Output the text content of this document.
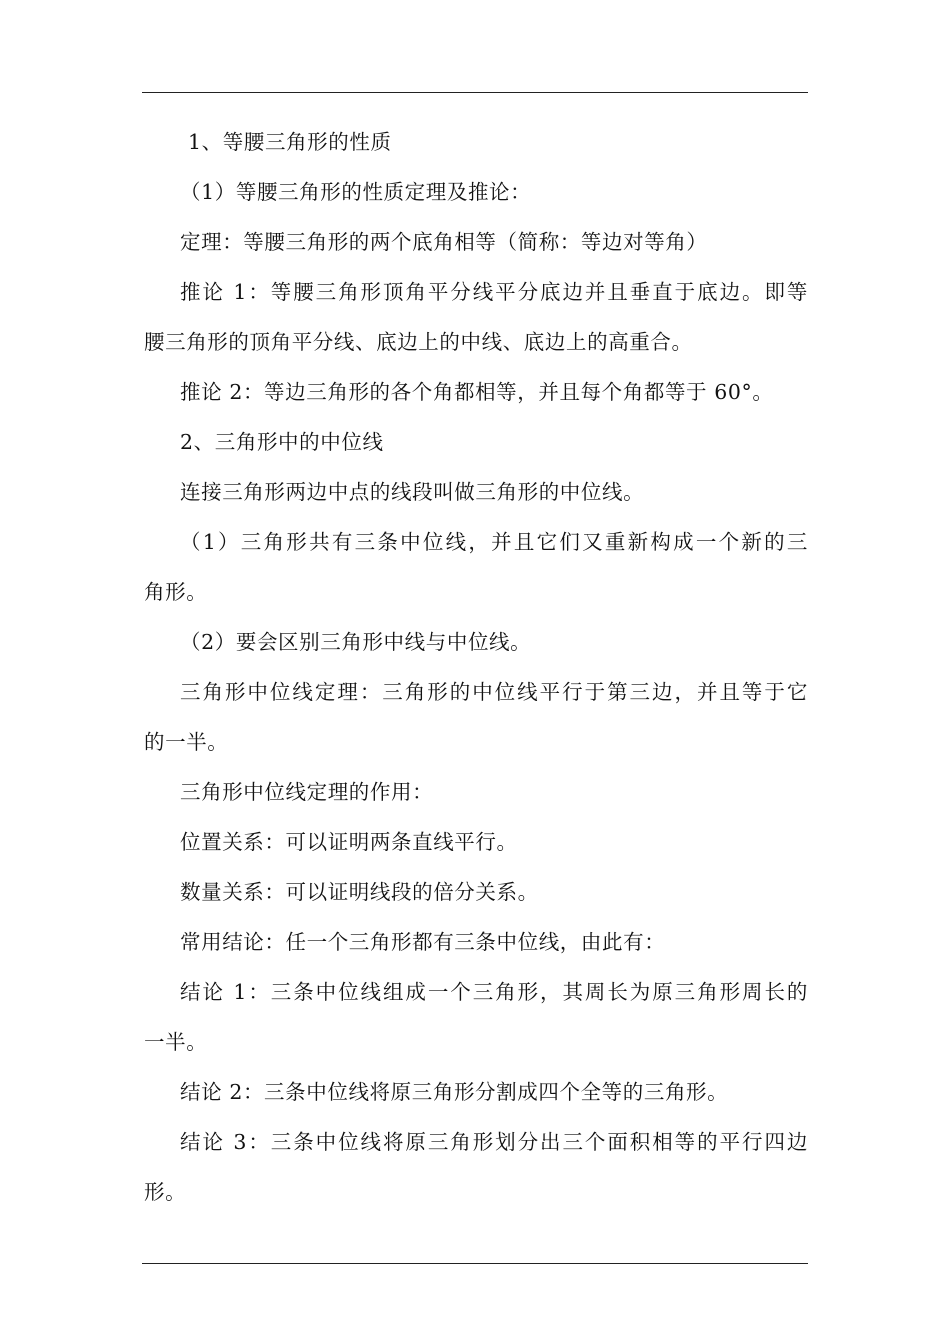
1、等腰三角形的性质
（1）等腰三角形的性质定理及推论：
定理：等腰三角形的两个底角相等（简称：等边对等角）
推论 1：等腰三角形顶角平分线平分底边并且垂直于底边。即等
腰三角形的顶角平分线、底边上的中线、底边上的高重合。
推论 2：等边三角形的各个角都相等，并且每个角都等于 60°。
2、三角形中的中位线
连接三角形两边中点的线段叫做三角形的中位线。
（1）三角形共有三条中位线，并且它们又重新构成一个新的三
角形。
（2）要会区别三角形中线与中位线。
三角形中位线定理：三角形的中位线平行于第三边，并且等于它
的一半。
三角形中位线定理的作用：
位置关系：可以证明两条直线平行。
数量关系：可以证明线段的倍分关系。
常用结论：任一个三角形都有三条中位线，由此有：
结论 1：三条中位线组成一个三角形，其周长为原三角形周长的
一半。
结论 2：三条中位线将原三角形分割成四个全等的三角形。
结论 3：三条中位线将原三角形划分出三个面积相等的平行四边
形。
